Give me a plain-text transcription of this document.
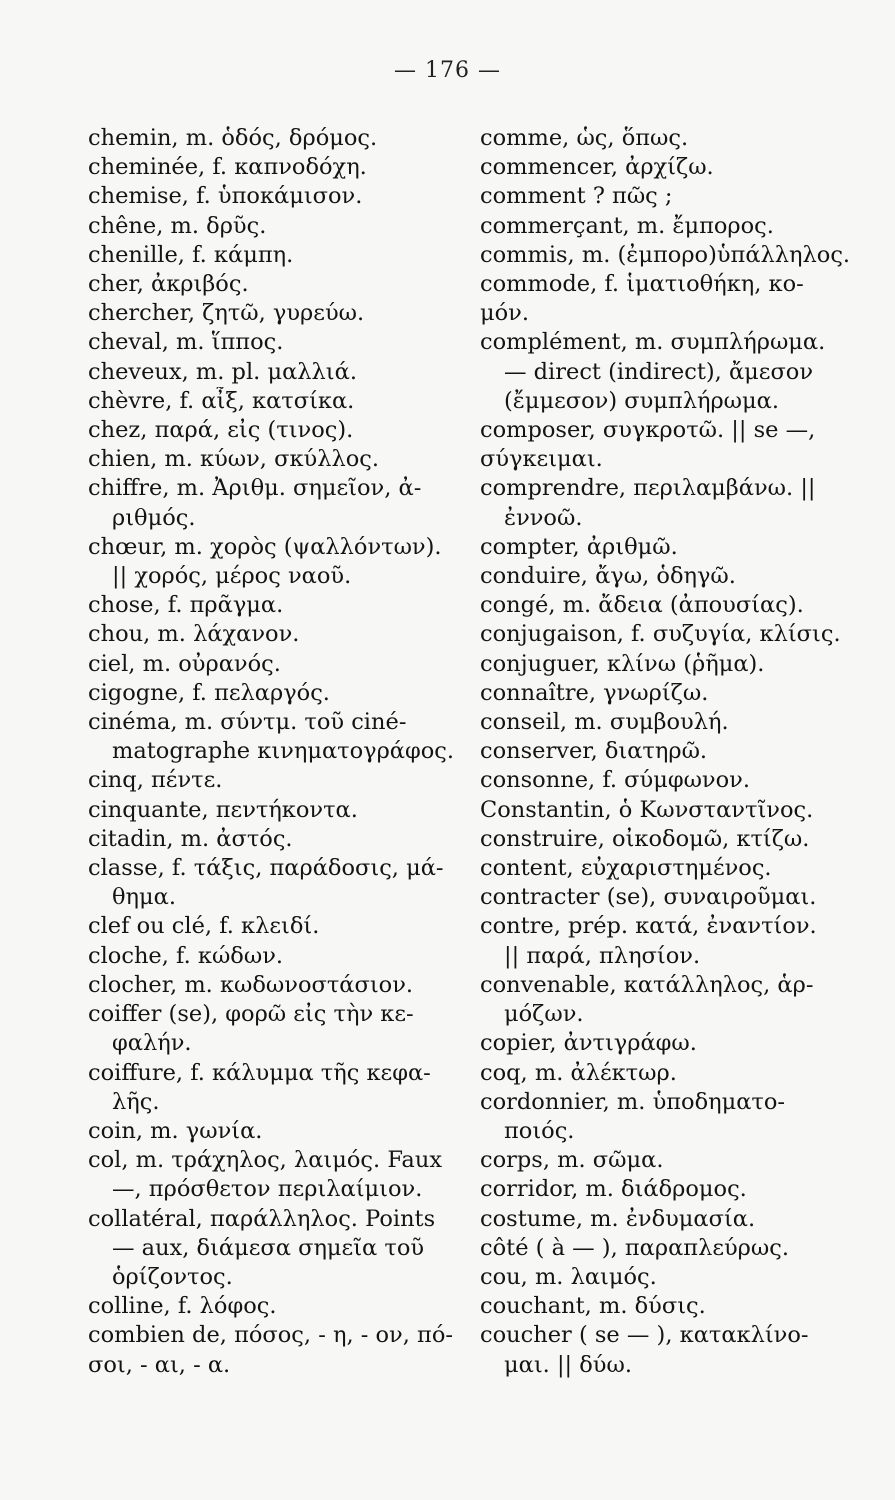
— 176 —
chemin, m. ὁδός, δρόμος.
cheminée, f. καπνοδόχη.
chemise, f. ὑποκάμισον.
chêne, m. δρῦς.
chenille, f. κάμπη.
cher, ἀκριβός.
chercher, ζητῶ, γυρεύω.
cheval, m. ἵππος.
cheveux, m. pl. μαλλιά.
chèvre, f. αἶξ, κατσίκα.
chez, παρά, εἰς (τινος).
chien, m. κύων, σκύλλος.
chiffre, m. Ἀριθμ. σημεῖον, ἀ-
ριθμός.
chœur, m. χορὸς (ψαλλόντων).
|| χορός, μέρος ναοῦ.
chose, f. πρᾶγμα.
chou, m. λάχανον.
ciel, m. οὐρανός.
cigogne, f. πελαργός.
cinéma, m. σύντμ. τοῦ ciné-
matographe κινηματογράφος.
cinq, πέντε.
cinquante, πεντήκοντα.
citadin, m. ἀστός.
classe, f. τάξις, παράδοσις, μά-
θημα.
clef ou clé, f. κλειδί.
cloche, f. κώδων.
clocher, m. κωδωνοστάσιον.
coiffer (se), φορῶ εἰς τὴν κε-
φαλήν.
coiffure, f. κάλυμμα τῆς κεφα-
λῆς.
coin, m. γωνία.
col, m. τράχηλος, λαιμός. Faux
—, πρόσθετον περιλαίμιον.
collatéral, παράλληλος. Points
— aux, διάμεσα σημεῖα τοῦ
ὁρίζοντος.
colline, f. λόφος.
combien de, πόσος, - η, - ον, πό-
σοι, - αι, - α.
comme, ὡς, ὅπως.
commencer, ἀρχίζω.
comment ? πῶς ;
commerçant, m. ἔμπορος.
commis, m. (ἐμπορο)ὑπάλληλος.
commode, f. ἱματιοθήκη, κο-
μόν.
complément, m. συμπλήρωμα.
— direct (indirect), ἄμεσον
(ἔμμεσον) συμπλήρωμα.
composer, συγκροτῶ. || se —,
σύγκειμαι.
comprendre, περιλαμβάνω. ||
ἐννοῶ.
compter, ἀριθμῶ.
conduire, ἄγω, ὁδηγῶ.
congé, m. ἄδεια (ἀπουσίας).
conjugaison, f. συζυγία, κλίσις.
conjuguer, κλίνω (ῥῆμα).
connaître, γνωρίζω.
conseil, m. συμβουλή.
conserver, διατηρῶ.
consonne, f. σύμφωνον.
Constantin, ὁ Κωνσταντῖνος.
construire, οἰκοδομῶ, κτίζω.
content, εὐχαριστημένος.
contracter (se), συναιροῦμαι.
contre, prép. κατά, ἐναντίον.
|| παρά, πλησίον.
convenable, κατάλληλος, ἁρ-
μόζων.
copier, ἀντιγράφω.
coq, m. ἀλέκτωρ.
cordonnier, m. ὑποδηματο-
ποιός.
corps, m. σῶμα.
corridor, m. διάδρομος.
costume, m. ἐνδυμασία.
côté ( à — ), παραπλεύρως.
cou, m. λαιμός.
couchant, m. δύσις.
coucher ( se — ), κατακλίνο-
μαι. || δύω.
